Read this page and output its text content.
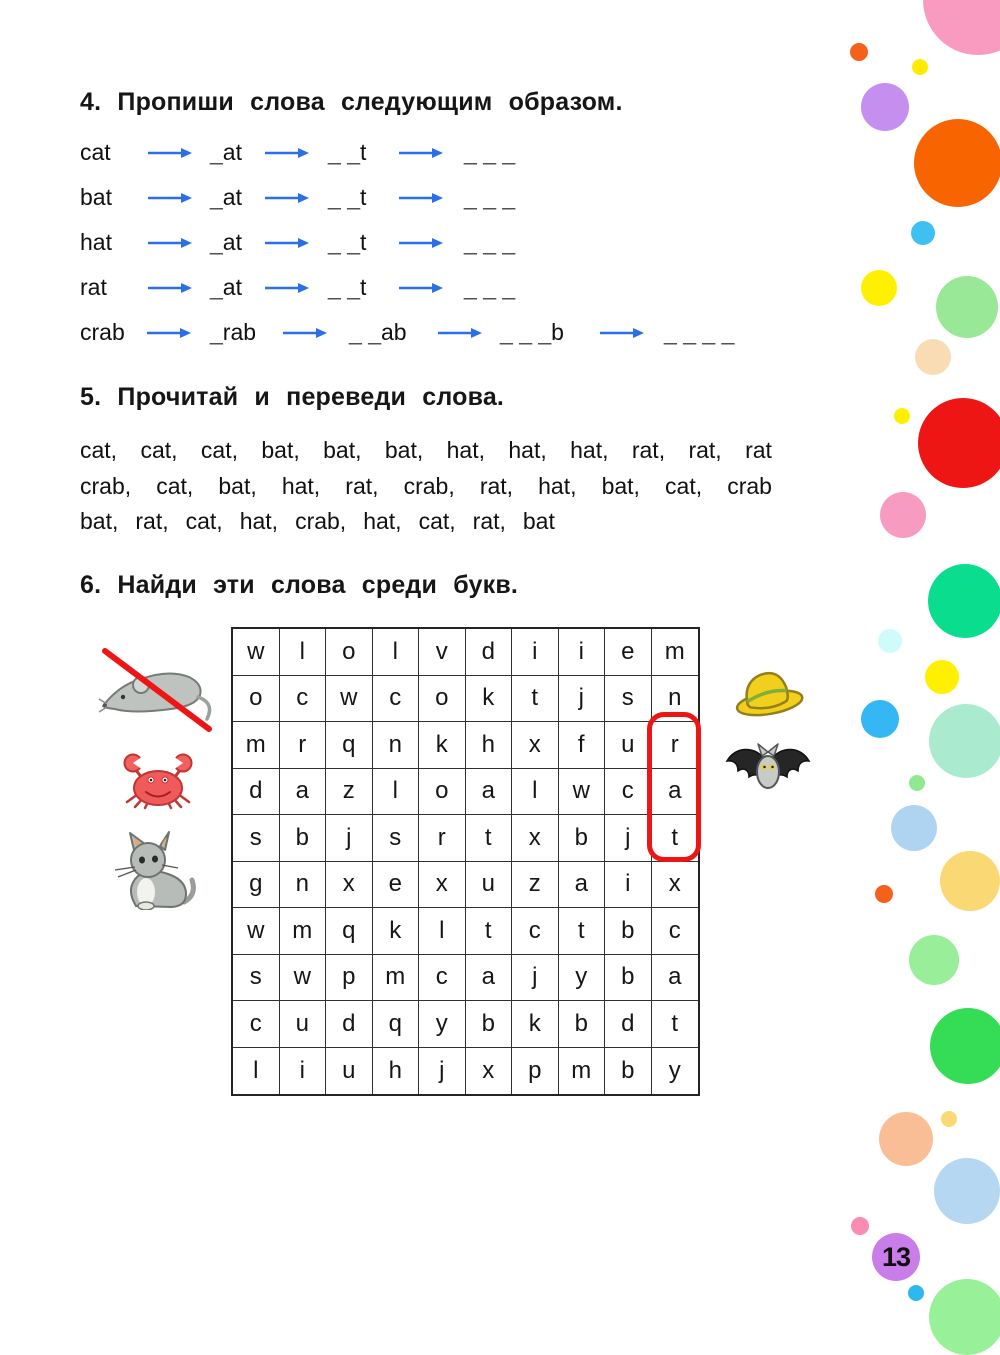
4. Пропиши слова следующим образом.
cat	_at	_ _t	_ _ _
bat	_at	_ _t	_ _ _
hat	_at	_ _t	_ _ _
rat	_at	_ _t	_ _ _
crab	_rab	_ _ab	_ _ _b	_ _ _ _
5. Прочитай и переведи слова.
cat, cat, cat, bat, bat, bat, hat, hat, hat, rat, rat, rat
crab, cat, bat, hat, rat, crab, rat, hat, bat, cat, crab
bat, rat, cat, hat, crab, hat, cat, rat, bat
6. Найди эти слова среди букв.
w	l	o	l	v	d	i	i	e	m
o	c	w	c	o	k	t	j	s	n
m	r	q	n	k	h	x	f	u	r
d	a	z	l	o	a	l	w	c	a
s	b	j	s	r	t	x	b	j	t
g	n	x	e	x	u	z	a	i	x
w	m	q	k	l	t	c	t	b	c
s	w	p	m	c	a	j	y	b	a
c	u	d	q	y	b	k	b	d	t
l	i	u	h	j	x	p	m	b	y
13
